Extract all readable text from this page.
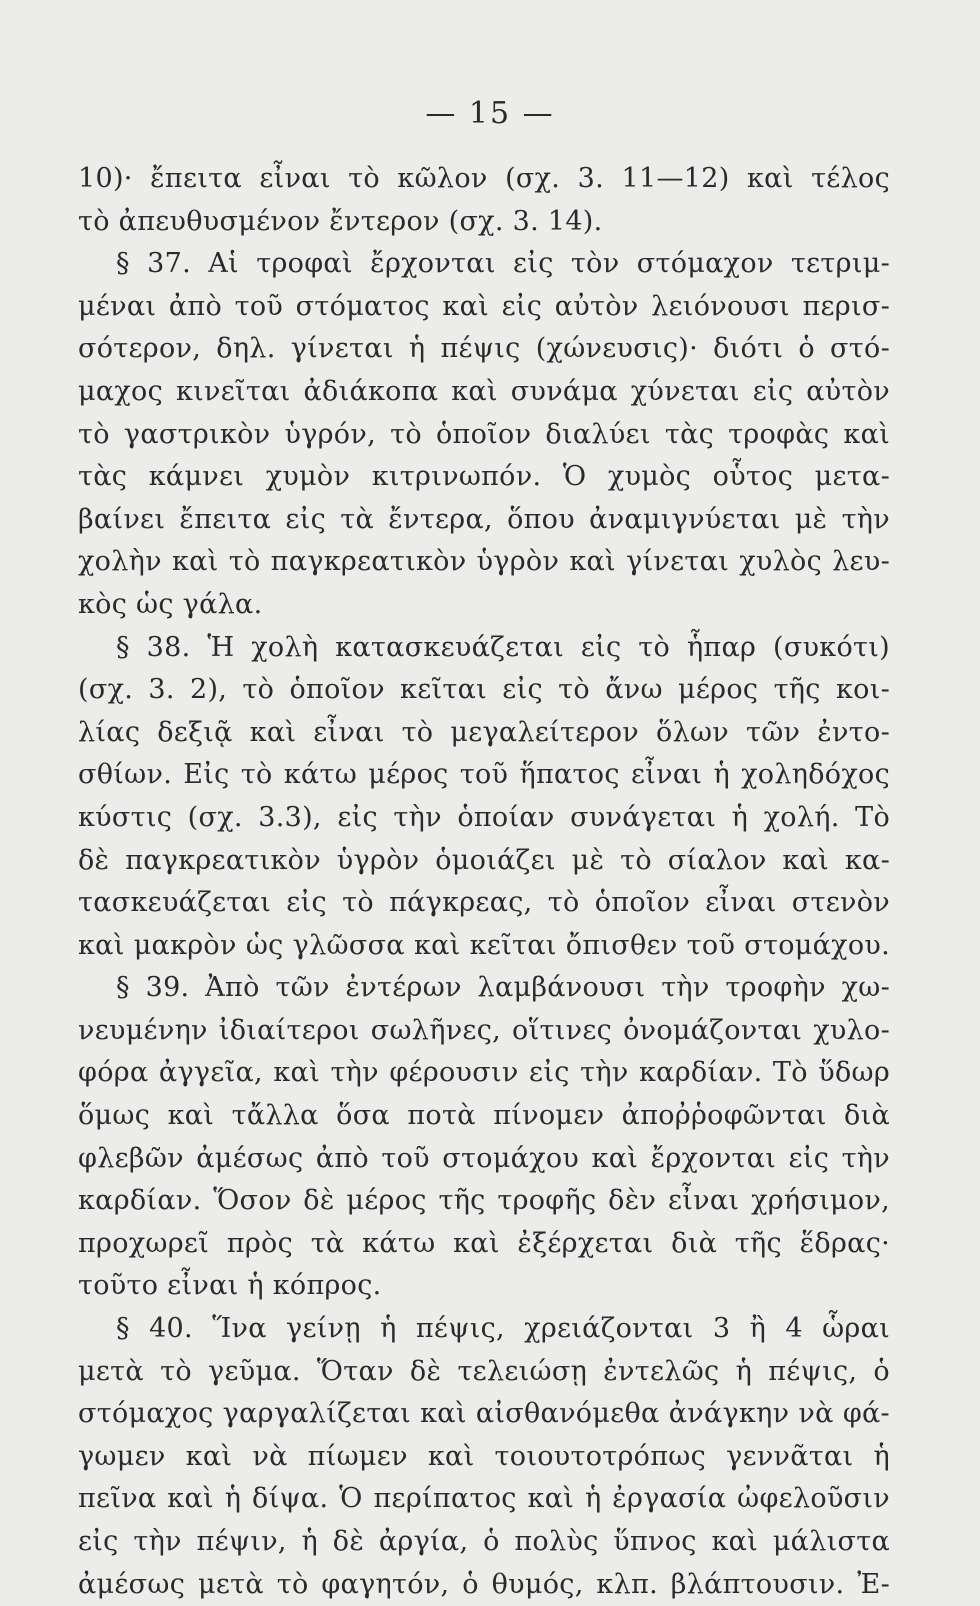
— 15 —
10)· ἔπειτα εἶναι τὸ κῶλον (σχ. 3. 11—12) καὶ τέλος
τὸ ἀπευθυσμένον ἔντερον (σχ. 3. 14).
§ 37. Αἱ τροφαὶ ἔρχονται εἰς τὸν στόμαχον τετριμ-
μέναι ἀπὸ τοῦ στόματος καὶ εἰς αὐτὸν λειόνουσι περισ-
σότερον, δηλ. γίνεται ἡ πέψις (χώνευσις)· διότι ὁ στό-
μαχος κινεῖται ἀδιάκοπα καὶ συνάμα χύνεται εἰς αὐτὸν
τὸ γαστρικὸν ὑγρόν, τὸ ὁποῖον διαλύει τὰς τροφὰς καὶ
τὰς κάμνει χυμὸν κιτρινωπόν. Ὁ χυμὸς οὗτος μετα-
βαίνει ἔπειτα εἰς τὰ ἔντερα, ὅπου ἀναμιγνύεται μὲ τὴν
χολὴν καὶ τὸ παγκρεατικὸν ὑγρὸν καὶ γίνεται χυλὸς λευ-
κὸς ὡς γάλα.
§ 38. Ἡ χολὴ κατασκευάζεται εἰς τὸ ἧπαρ (συκότι)
(σχ. 3. 2), τὸ ὁποῖον κεῖται εἰς τὸ ἄνω μέρος τῆς κοι-
λίας δεξιᾷ καὶ εἶναι τὸ μεγαλείτερον ὅλων τῶν ἐντο-
σθίων. Εἰς τὸ κάτω μέρος τοῦ ἥπατος εἶναι ἡ χοληδόχος
κύστις (σχ. 3.3), εἰς τὴν ὁποίαν συνάγεται ἡ χολή. Τὸ
δὲ παγκρεατικὸν ὑγρὸν ὁμοιάζει μὲ τὸ σίαλον καὶ κα-
τασκευάζεται εἰς τὸ πάγκρεας, τὸ ὁποῖον εἶναι στενὸν
καὶ μακρὸν ὡς γλῶσσα καὶ κεῖται ὄπισθεν τοῦ στομάχου.
§ 39. Ἀπὸ τῶν ἐντέρων λαμβάνουσι τὴν τροφὴν χω-
νευμένην ἰδιαίτεροι σωλῆνες, οἵτινες ὀνομάζονται χυλο-
φόρα ἀγγεῖα, καὶ τὴν φέρουσιν εἰς τὴν καρδίαν. Τὸ ὕδωρ
ὅμως καὶ τἄλλα ὅσα ποτὰ πίνομεν ἀποῤῥοφῶνται διὰ
φλεβῶν ἀμέσως ἀπὸ τοῦ στομάχου καὶ ἔρχονται εἰς τὴν
καρδίαν. Ὅσον δὲ μέρος τῆς τροφῆς δὲν εἶναι χρήσιμον,
προχωρεῖ πρὸς τὰ κάτω καὶ ἐξέρχεται διὰ τῆς ἕδρας·
τοῦτο εἶναι ἡ κόπρος.
§ 40. Ἵνα γείνῃ ἡ πέψις, χρειάζονται 3 ἢ 4 ὧραι
μετὰ τὸ γεῦμα. Ὅταν δὲ τελειώσῃ ἐντελῶς ἡ πέψις, ὁ
στόμαχος γαργαλίζεται καὶ αἰσθανόμεθα ἀνάγκην νὰ φά-
γωμεν καὶ νὰ πίωμεν καὶ τοιουτοτρόπως γεννᾶται ἡ
πεῖνα καὶ ἡ δίψα. Ὁ περίπατος καὶ ἡ ἐργασία ὠφελοῦσιν
εἰς τὴν πέψιν, ἡ δὲ ἀργία, ὁ πολὺς ὕπνος καὶ μάλιστα
ἀμέσως μετὰ τὸ φαγητόν, ὁ θυμός, κλπ. βλάπτουσιν. Ἐ-
